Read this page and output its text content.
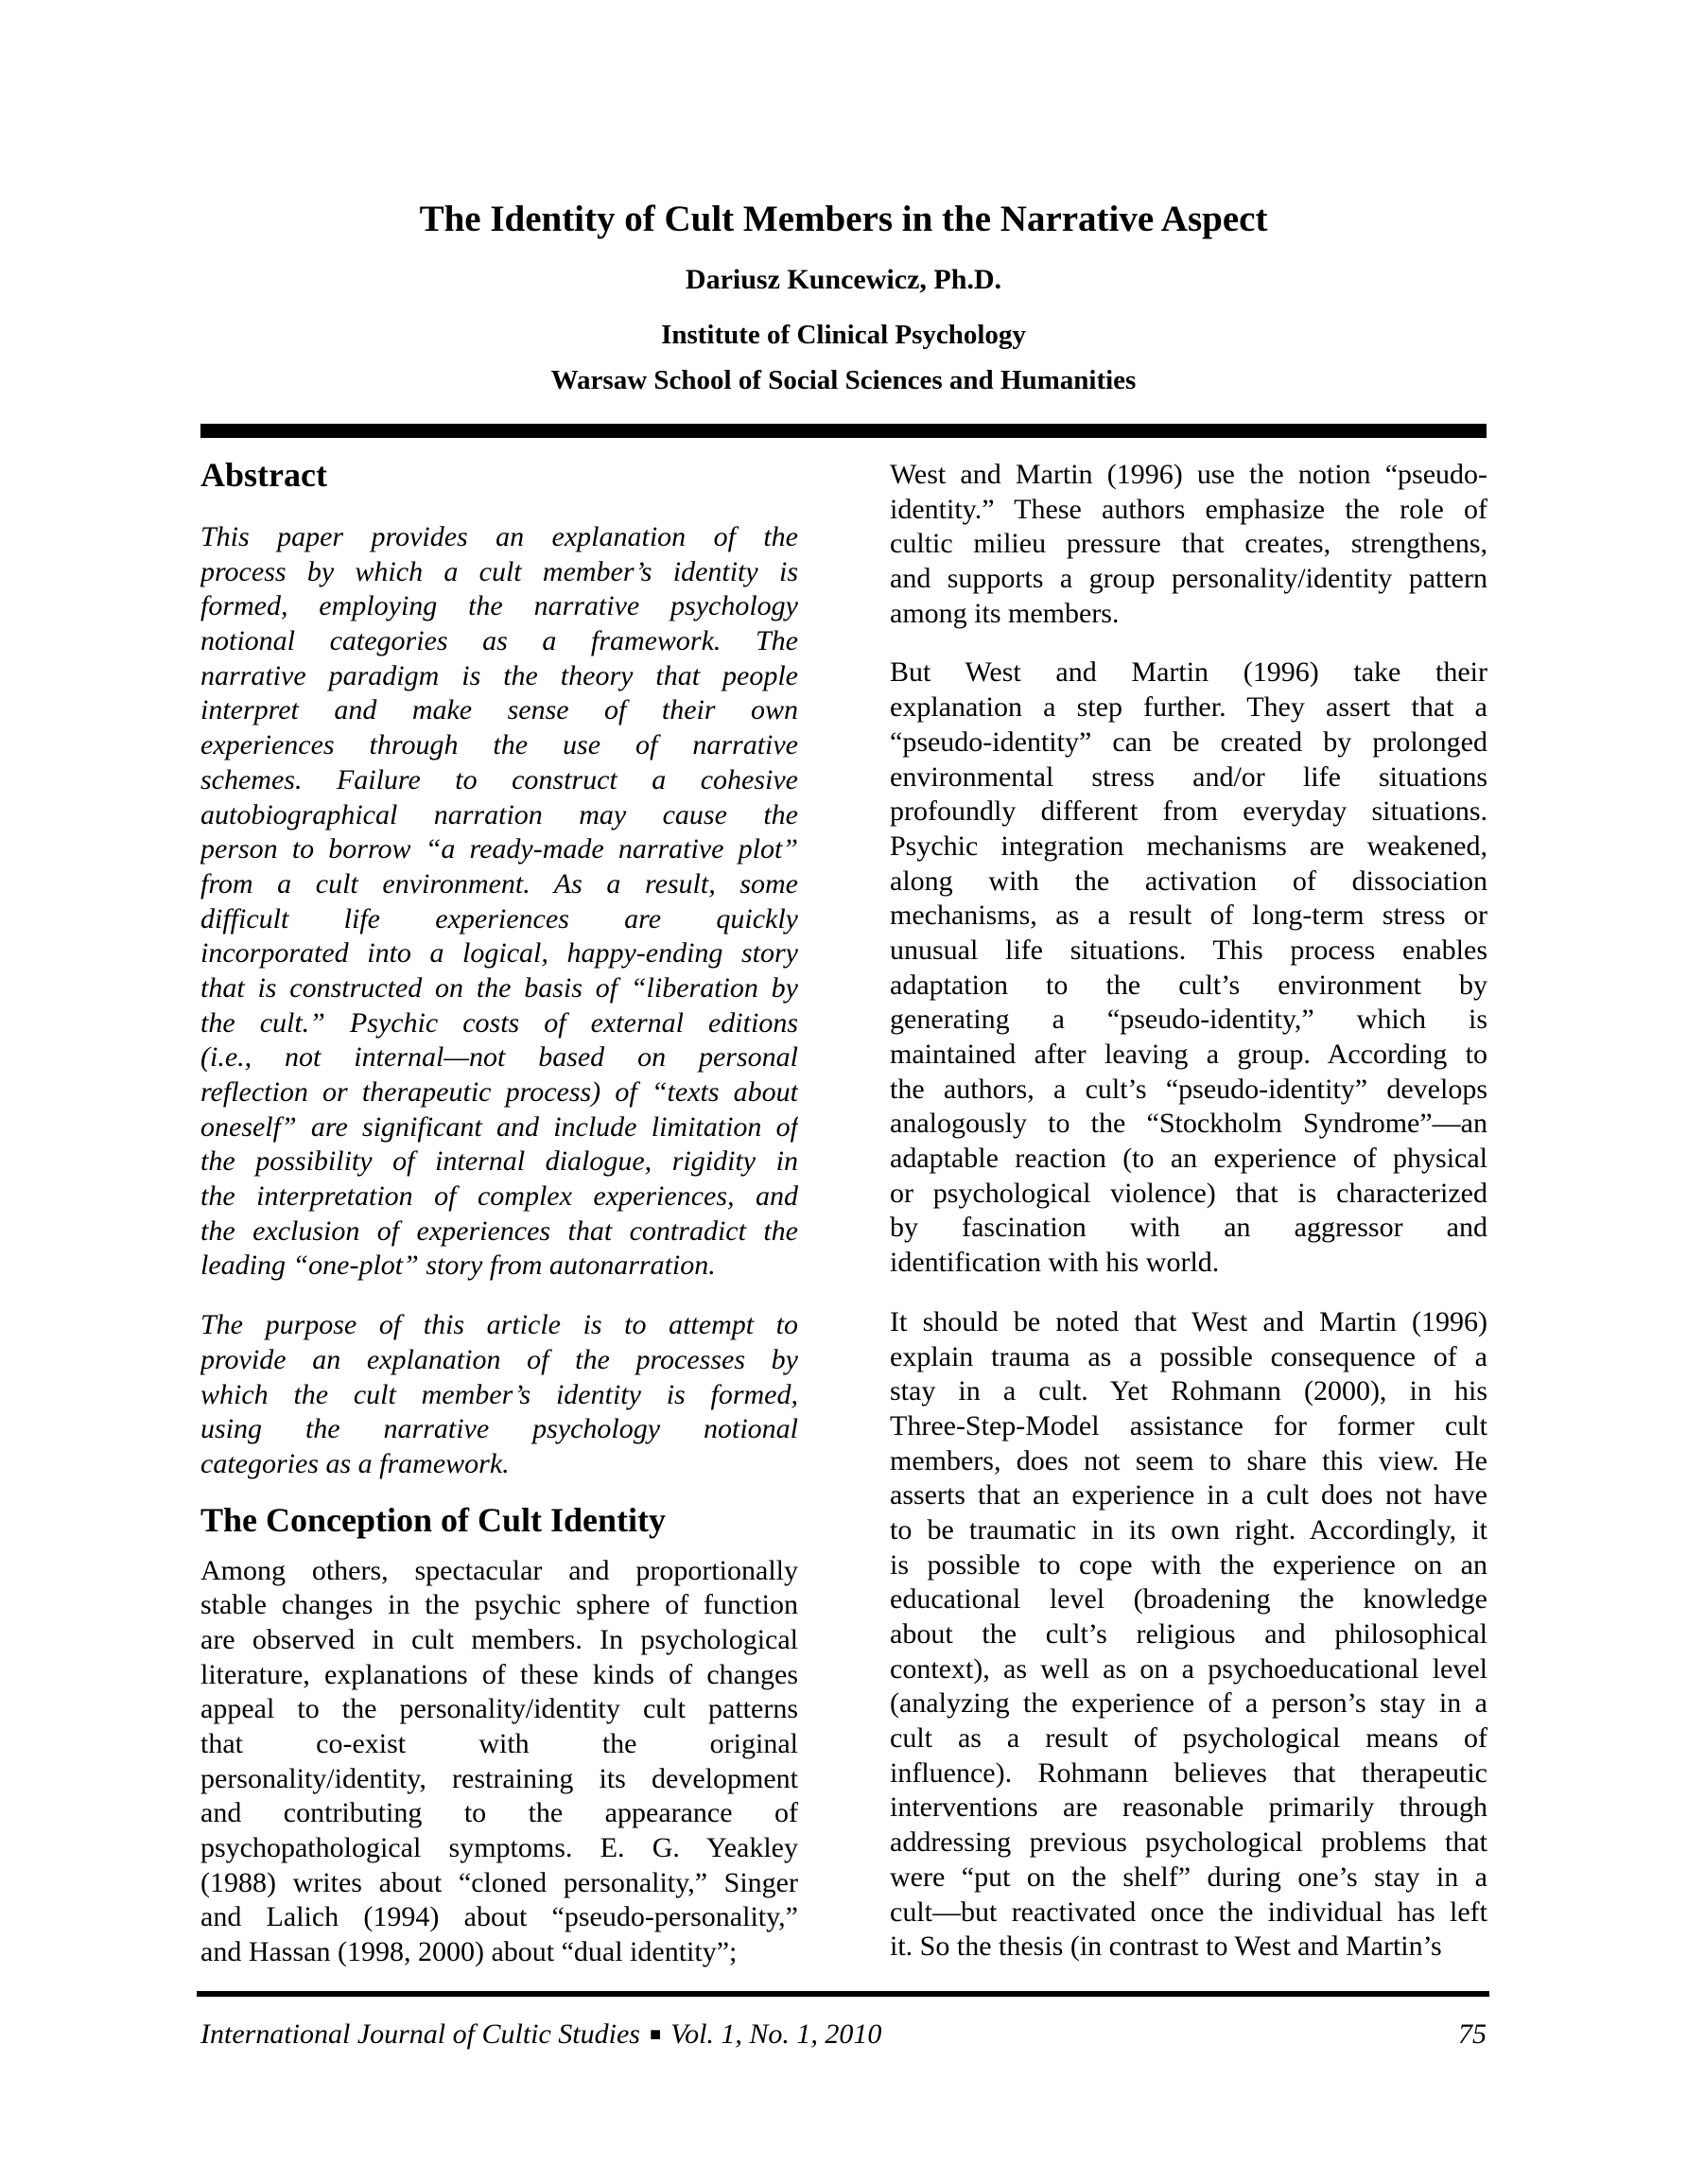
The Identity of Cult Members in the Narrative Aspect
Dariusz Kuncewicz, Ph.D.
Institute of Clinical Psychology
Warsaw School of Social Sciences and Humanities
Abstract
This paper provides an explanation of the
process by which a cult member’s identity is
formed, employing the narrative psychology
notional categories as a framework. The
narrative paradigm is the theory that people
interpret and make sense of their own
experiences through the use of narrative
schemes. Failure to construct a cohesive
autobiographical narration may cause the
person to borrow “a ready-made narrative plot”
from a cult environment. As a result, some
difficult life experiences are quickly
incorporated into a logical, happy-ending story
that is constructed on the basis of “liberation by
the cult.” Psychic costs of external editions
(i.e., not internal—not based on personal
reflection or therapeutic process) of “texts about
oneself” are significant and include limitation of
the possibility of internal dialogue, rigidity in
the interpretation of complex experiences, and
the exclusion of experiences that contradict the
leading “one-plot” story from autonarration.
The purpose of this article is to attempt to
provide an explanation of the processes by
which the cult member’s identity is formed,
using the narrative psychology notional
categories as a framework.
The Conception of Cult Identity
Among others, spectacular and proportionally
stable changes in the psychic sphere of function
are observed in cult members. In psychological
literature, explanations of these kinds of changes
appeal to the personality/identity cult patterns
that co-exist with the original
personality/identity, restraining its development
and contributing to the appearance of
psychopathological symptoms. E. G. Yeakley
(1988) writes about “cloned personality,” Singer
and Lalich (1994) about “pseudo-personality,”
and Hassan (1998, 2000) about “dual identity”;
West and Martin (1996) use the notion “pseudo-
identity.” These authors emphasize the role of
cultic milieu pressure that creates, strengthens,
and supports a group personality/identity pattern
among its members.
But West and Martin (1996) take their
explanation a step further. They assert that a
“pseudo-identity” can be created by prolonged
environmental stress and/or life situations
profoundly different from everyday situations.
Psychic integration mechanisms are weakened,
along with the activation of dissociation
mechanisms, as a result of long-term stress or
unusual life situations. This process enables
adaptation to the cult’s environment by
generating a “pseudo-identity,” which is
maintained after leaving a group. According to
the authors, a cult’s “pseudo-identity” develops
analogously to the “Stockholm Syndrome”—an
adaptable reaction (to an experience of physical
or psychological violence) that is characterized
by fascination with an aggressor and
identification with his world.
It should be noted that West and Martin (1996)
explain trauma as a possible consequence of a
stay in a cult. Yet Rohmann (2000), in his
Three-Step-Model assistance for former cult
members, does not seem to share this view. He
asserts that an experience in a cult does not have
to be traumatic in its own right. Accordingly, it
is possible to cope with the experience on an
educational level (broadening the knowledge
about the cult’s religious and philosophical
context), as well as on a psychoeducational level
(analyzing the experience of a person’s stay in a
cult as a result of psychological means of
influence). Rohmann believes that therapeutic
interventions are reasonable primarily through
addressing previous psychological problems that
were “put on the shelf” during one’s stay in a
cult—but reactivated once the individual has left
it. So the thesis (in contrast to West and Martin’s
International Journal of Cultic Studies ■ Vol. 1, No. 1, 2010	75
